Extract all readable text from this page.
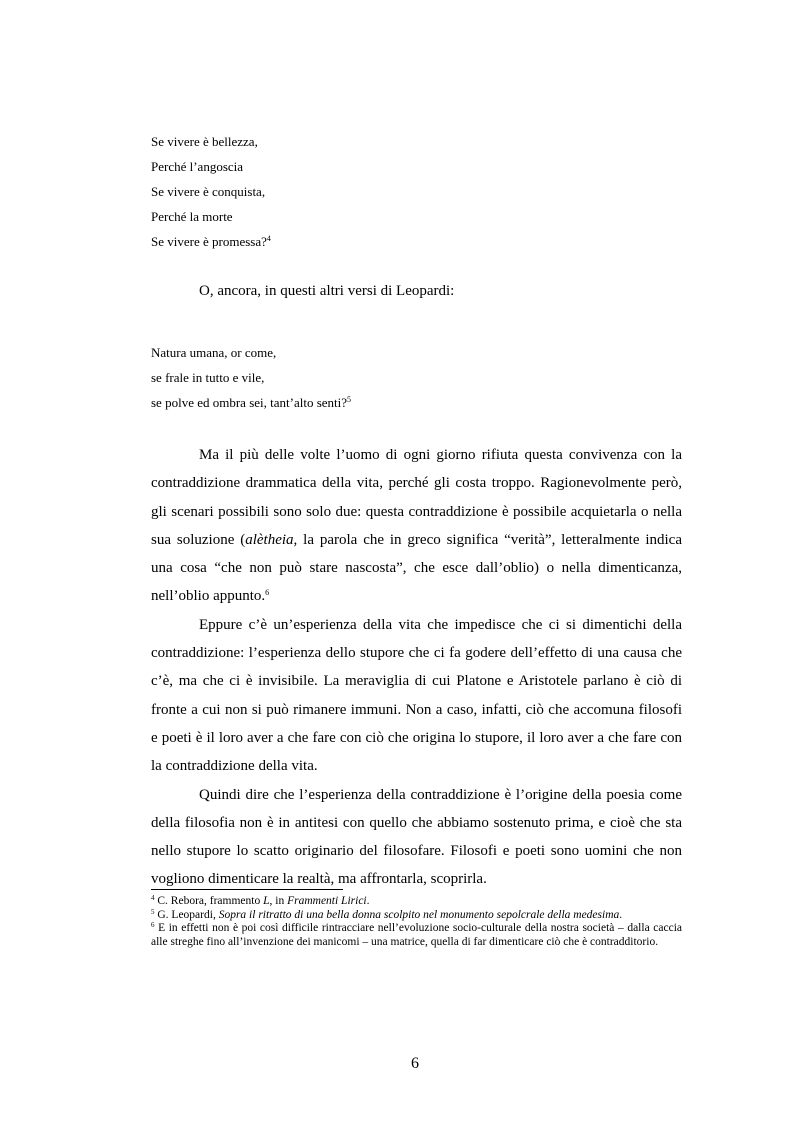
Se vivere è bellezza,
Perché l’angoscia
Se vivere è conquista,
Perché la morte
Se vivere è promessa?$^4$
O, ancora, in questi altri versi di Leopardi:
Natura umana, or come,
se frale in tutto e vile,
se polve ed ombra sei, tant’alto senti?$^5$

Ma il più delle volte l’uomo di ogni giorno rifiuta questa convivenza con la contraddizione drammatica della vita, perché gli costa troppo. Ragionevolmente però, gli scenari possibili sono solo due: questa contraddizione è possibile acquietarla o nella sua soluzione (alètheia, la parola che in greco significa “verità”, letteralmente indica una cosa “che non può stare nascosta”, che esce dall’oblio) o nella dimenticanza, nell’oblio appunto.$^6$

Eppure c’è un’esperienza della vita che impedisce che ci si dimentichi della contraddizione: l’esperienza dello stupore che ci fa godere dell’effetto di una causa che c’è, ma che ci è invisibile. La meraviglia di cui Platone e Aristotele parlano è ciò di fronte a cui non si può rimanere immuni. Non a caso, infatti, ciò che accomuna filosofi e poeti è il loro aver a che fare con ciò che origina lo stupore, il loro aver a che fare con la contraddizione della vita.

Quindi dire che l’esperienza della contraddizione è l’origine della poesia come della filosofia non è in antitesi con quello che abbiamo sostenuto prima, e cioè che sta nello stupore lo scatto originario del filosofare. Filosofi e poeti sono uomini che non vogliono dimenticare la realtà, ma affrontarla, scoprirla.

$^4$ C. Rebora, frammento L, in Frammenti Lirici.
$^5$ G. Leopardi, Sopra il ritratto di una bella donna scolpito nel monumento sepolcrale della medesima.
$^6$ E in effetti non è poi così difficile rintracciare nell’evoluzione socio-culturale della nostra società – dalla caccia alle streghe fino all’invenzione dei manicomi – una matrice, quella di far dimenticare ciò che è contradditorio.
6
